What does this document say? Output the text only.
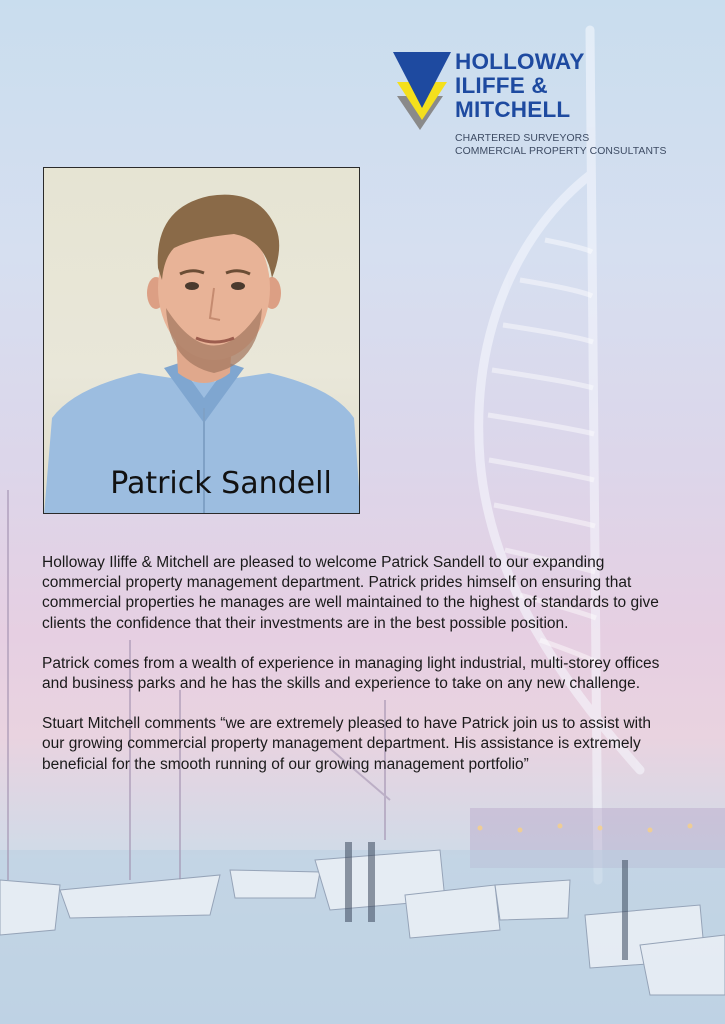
HOLLOWAY
ILIFFE &
MITCHELL
CHARTERED SURVEYORS
COMMERCIAL PROPERTY CONSULTANTS
Patrick Sandell

Holloway Iliffe & Mitchell are pleased to welcome Patrick Sandell to our expanding commercial property management department. Patrick prides himself on ensuring that commercial properties he manages are well maintained to the highest of standards to give clients the confidence that their investments are in the best possible position.

Patrick comes from a wealth of experience in managing light industrial, multi-storey offices and business parks and he has the skills and experience to take on any new challenge.

Stuart Mitchell comments “we are extremely pleased to have Patrick join us to assist with our growing commercial property management department. His assistance is extremely beneficial for the smooth running of our growing management portfolio”
